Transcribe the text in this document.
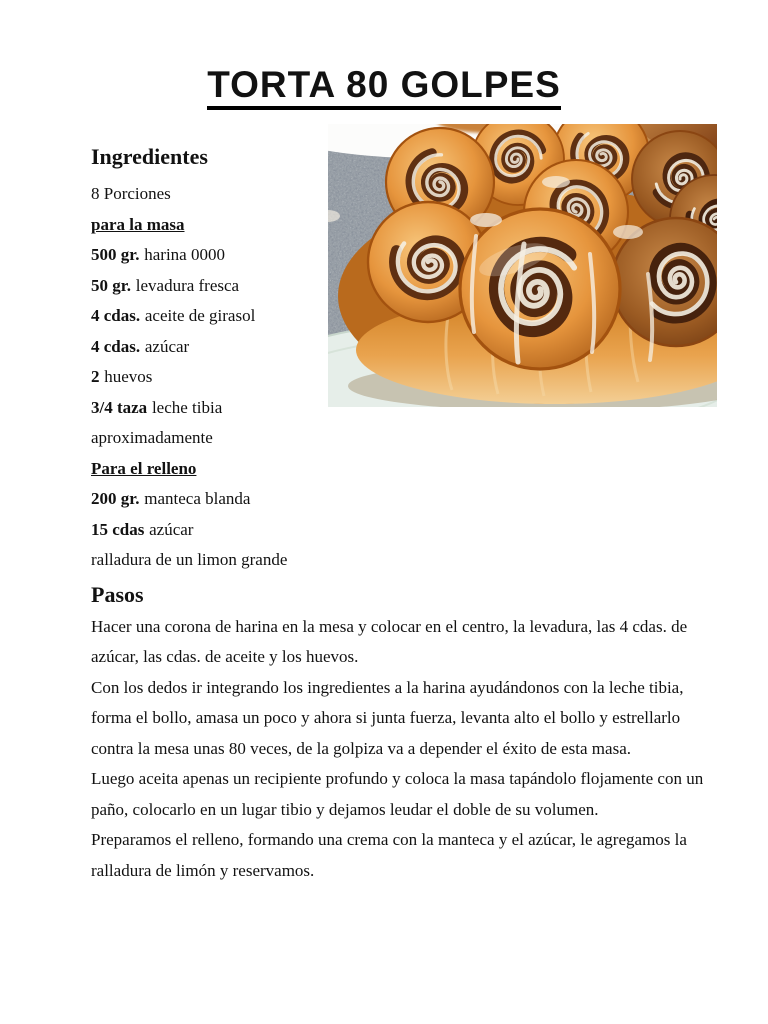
TORTA 80 GOLPES
Ingredientes
8 Porciones
para la masa
500 gr. harina 0000
50 gr. levadura fresca
4 cdas. aceite de girasol
4 cdas. azúcar
2 huevos
3/4 taza leche tibia
aproximadamente
Para el relleno
200 gr. manteca blanda
15 cdas azúcar
ralladura de un limon grande
Pasos

Hacer una corona de harina en la mesa y colocar en el centro, la levadura, las 4 cdas. de azúcar, las cdas. de aceite y los huevos.

Con los dedos ir integrando los ingredientes a la harina ayudándonos con la leche tibia, forma el bollo, amasa un poco y ahora si junta fuerza, levanta alto el bollo y estrellarlo contra la mesa unas 80 veces, de la golpiza va a depender el éxito de esta masa.

Luego aceita apenas un recipiente profundo y coloca la masa tapándolo flojamente con un paño, colocarlo en un lugar tibio y dejamos leudar el doble de su volumen.

Preparamos el relleno, formando una crema con la manteca y el azúcar, le agregamos la ralladura de limón y reservamos.
